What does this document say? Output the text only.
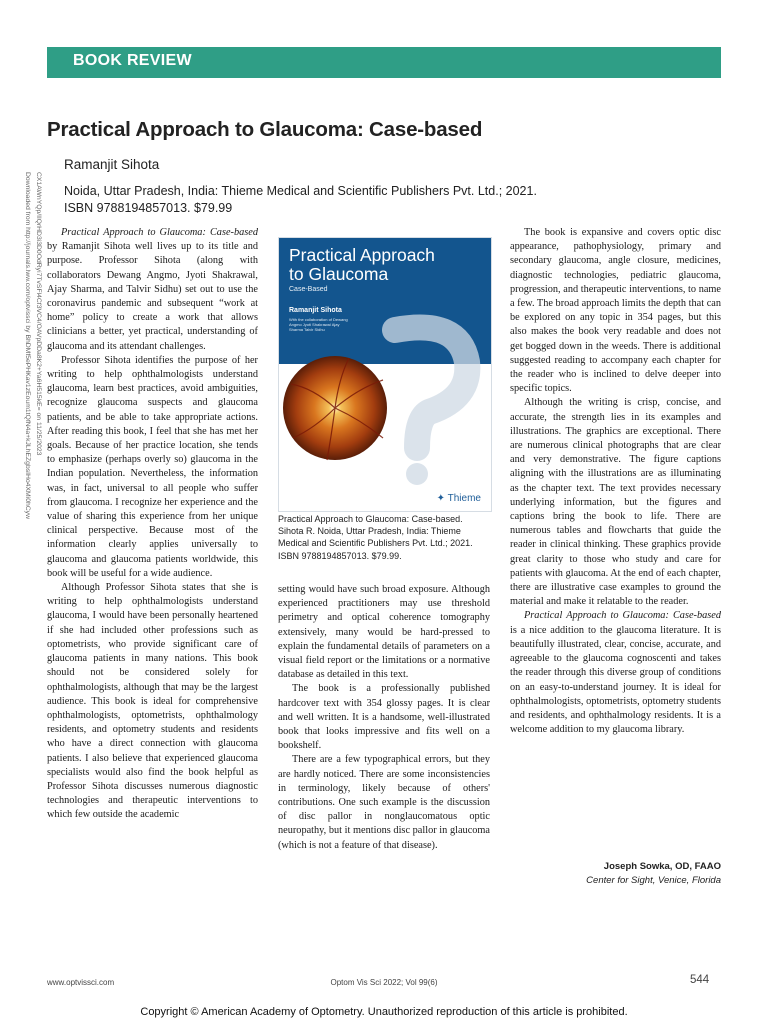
BOOK REVIEW
Practical Approach to Glaucoma: Case-based
Ramanjit Sihota
Noida, Uttar Pradesh, India: Thieme Medical and Scientific Publishers Pvt. Ltd.; 2021.
ISBN 9788194857013. $79.99
Downloaded from http://journals.lww.com/optvissci by BhDMf5ePHKav1zEoum1tQfN4a+kJLhEZgbsIHo4XMi0hCyw CX1AWnYQp/IlQrHD3i3D0OdRyi7TvSFl4Cf3VC4/OAVpDDa8K2+Ya6H515kE= on 11/25/2023	Practical Approach to Glaucoma: Case-based by Ramanjit Sihota well lives up to its title and purpose. Professor Sihota (along with collaborators Dewang Angmo, Jyoti Shakrawal, Ajay Sharma, and Talvir Sidhu) set out to use the coronavirus pandemic and subsequent “work at home” policy to create a work that allows clinicians a better, yet practical, understanding of glaucoma and its attendant challenges.

Professor Sihota identifies the purpose of her writing to help ophthalmologists understand glaucoma, learn best practices, avoid ambiguities, recognize glaucoma suspects and glaucoma patients, and be able to take appropriate actions. After reading this book, I feel that she has met her goals. Because of her practice location, she tends to emphasize (perhaps overly so) glaucoma in the Indian population. Nevertheless, the information was, in fact, universal to all people who suffer from glaucoma. I recognize her experience and the value of sharing this experience from her unique clinical perspective. Because most of the information clearly applies universally to glaucoma and glaucoma patients worldwide, this book will be useful for a wide audience.

Although Professor Sihota states that she is writing to help ophthalmologists understand glaucoma, I would have been personally heartened if she had included other professions such as optometrists, who provide significant care of glaucoma patients in many nations. This book should not be considered solely for ophthalmologists, although that may be the largest audience. This book is ideal for comprehensive ophthalmologists, optometrists, ophthalmology residents, and optometry students and residents who have a direct connection with glaucoma patients. I also believe that experienced glaucoma specialists would also find the book helpful as Professor Sihota discusses numerous diagnostic technologies and therapeutic interventions to which few outside the academic

Practical Approach
to Glaucoma
Case-Based
Ramanjit Sihota
With the collaboration of Dewang Angmo Jyoti Shakrawal Ajay Sharma Talvir Sidhu
✦ Thieme
Practical Approach to Glaucoma: Case-based.
Sihota R. Noida, Uttar Pradesh, India: Thieme
Medical and Scientific Publishers Pvt. Ltd.; 2021.
ISBN 9788194857013. $79.99.

setting would have such broad exposure. Although experienced practitioners may use threshold perimetry and optical coherence tomography extensively, many would be hard-pressed to explain the fundamental details of parameters on a visual field report or the limitations or a normative database as detailed in this text.

The book is a professionally published hardcover text with 354 glossy pages. It is clear and well written. It is a handsome, well-illustrated book that looks impressive and fits well on a bookshelf.

There are a few typographical errors, but they are hardly noticed. There are some inconsistencies in terminology, likely because of others' contributions. One such example is the discussion of disc pallor in nonglaucomatous optic neuropathy, but it mentions disc pallor in glaucoma (which is not a feature of that disease).

The book is expansive and covers optic disc appearance, pathophysiology, primary and secondary glaucoma, angle closure, medicines, diagnostic technologies, pediatric glaucoma, progression, and therapeutic interventions, to name a few. The broad approach limits the depth that can be explored on any topic in 354 pages, but this also makes the book very readable and does not get bogged down in the weeds. There is additional suggested reading to accompany each chapter for the reader who is inclined to delve deeper into specific topics.

Although the writing is crisp, concise, and accurate, the strength lies in its examples and illustrations. The graphics are exceptional. There are numerous clinical photographs that are clear and very demonstrative. The figure captions aligning with the illustrations are as illuminating as the chapter text. The text provides necessary underlying information, but the figures and captions bring the book to life. There are numerous tables and flowcharts that guide the reader in clinical thinking. These graphics provide great clarity to those who study and care for patients with glaucoma. At the end of each chapter, there are illustrative case examples to ground the material and make it relatable to the reader.

Practical Approach to Glaucoma: Case-based is a nice addition to the glaucoma literature. It is beautifully illustrated, clear, concise, accurate, and agreeable to the glaucoma cognoscenti and takes the reader through this diverse group of conditions on an easy-to-understand journey. It is ideal for ophthalmologists, optometrists, optometry students and residents, and ophthalmology residents. It is a welcome addition to my glaucoma library.

Joseph Sowka, OD, FAAO
Center for Sight, Venice, Florida
www.optvissci.com	Optom Vis Sci 2022; Vol 99(6)	544
Copyright © American Academy of Optometry. Unauthorized reproduction of this article is prohibited.
